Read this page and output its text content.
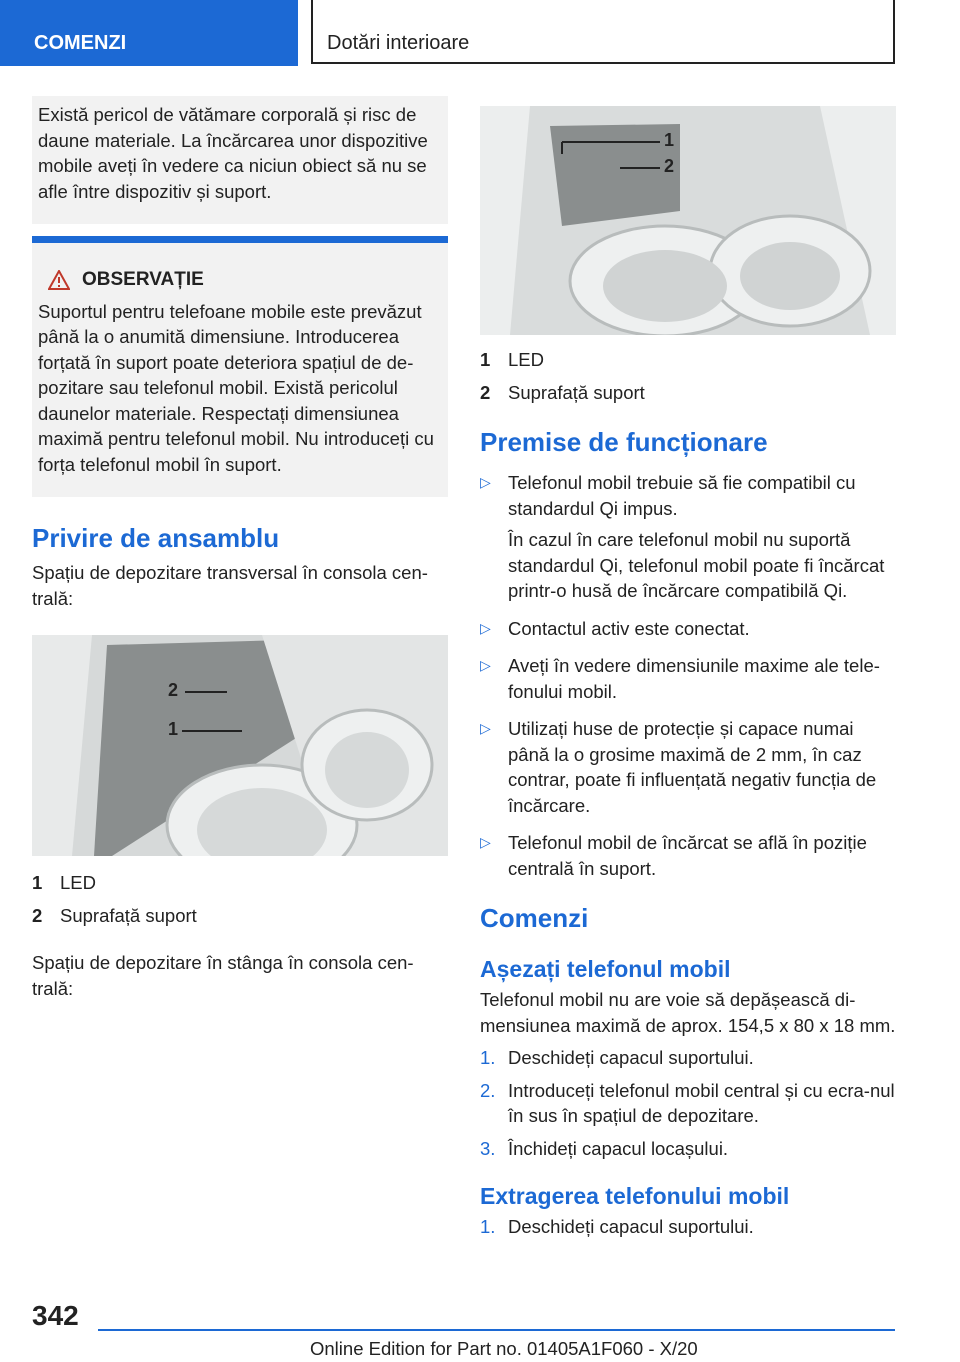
COMENZI	Dotări interioare
Există pericol de vătămare corporală și risc de daune materiale. La încărcarea unor dispozitive mobile aveți în vedere ca niciun obiect să nu se afle între dispozitiv și suport.
OBSERVAȚIE
Suportul pentru telefoane mobile este prevăzut până la o anumită dimensiune. Introducerea forțată în suport poate deteriora spațiul de de-pozitare sau telefonul mobil. Există pericolul daunelor materiale. Respectați dimensiunea maximă pentru telefonul mobil. Nu introduceți cu forța telefonul mobil în suport.
Privire de ansamblu

Spațiu de depozitare transversal în consola cen-trală:

2
1
1 LED
2 Suprafață suport

Spațiu de depozitare în stânga în consola cen-trală:

1
2
1 LED
2 Suprafață suport
Premise de funcționare
▷ Telefonul mobil trebuie să fie compatibil cu standardul Qi impus.
În cazul în care telefonul mobil nu suportă standardul Qi, telefonul mobil poate fi încărcat printr-o husă de încărcare compatibilă Qi.
▷ Contactul activ este conectat.
▷ Aveți în vedere dimensiunile maxime ale tele-fonului mobil.
▷ Utilizați huse de protecție și capace numai până la o grosime maximă de 2 mm, în caz contrar, poate fi influențată negativ funcția de încărcare.
▷ Telefonul mobil de încărcat se află în poziție centrală în suport.
Comenzi
Așezați telefonul mobil

Telefonul mobil nu are voie să depășească di-mensiunea maximă de aprox. 154,5 x 80 x 18 mm.

1. Deschideți capacul suportului.
2. Introduceți telefonul mobil central și cu ecra-nul în sus în spațiul de depozitare.
3. Închideți capacul locașului.
Extragerea telefonului mobil
1. Deschideți capacul suportului.
342
Online Edition for Part no. 01405A1F060 - X/20
